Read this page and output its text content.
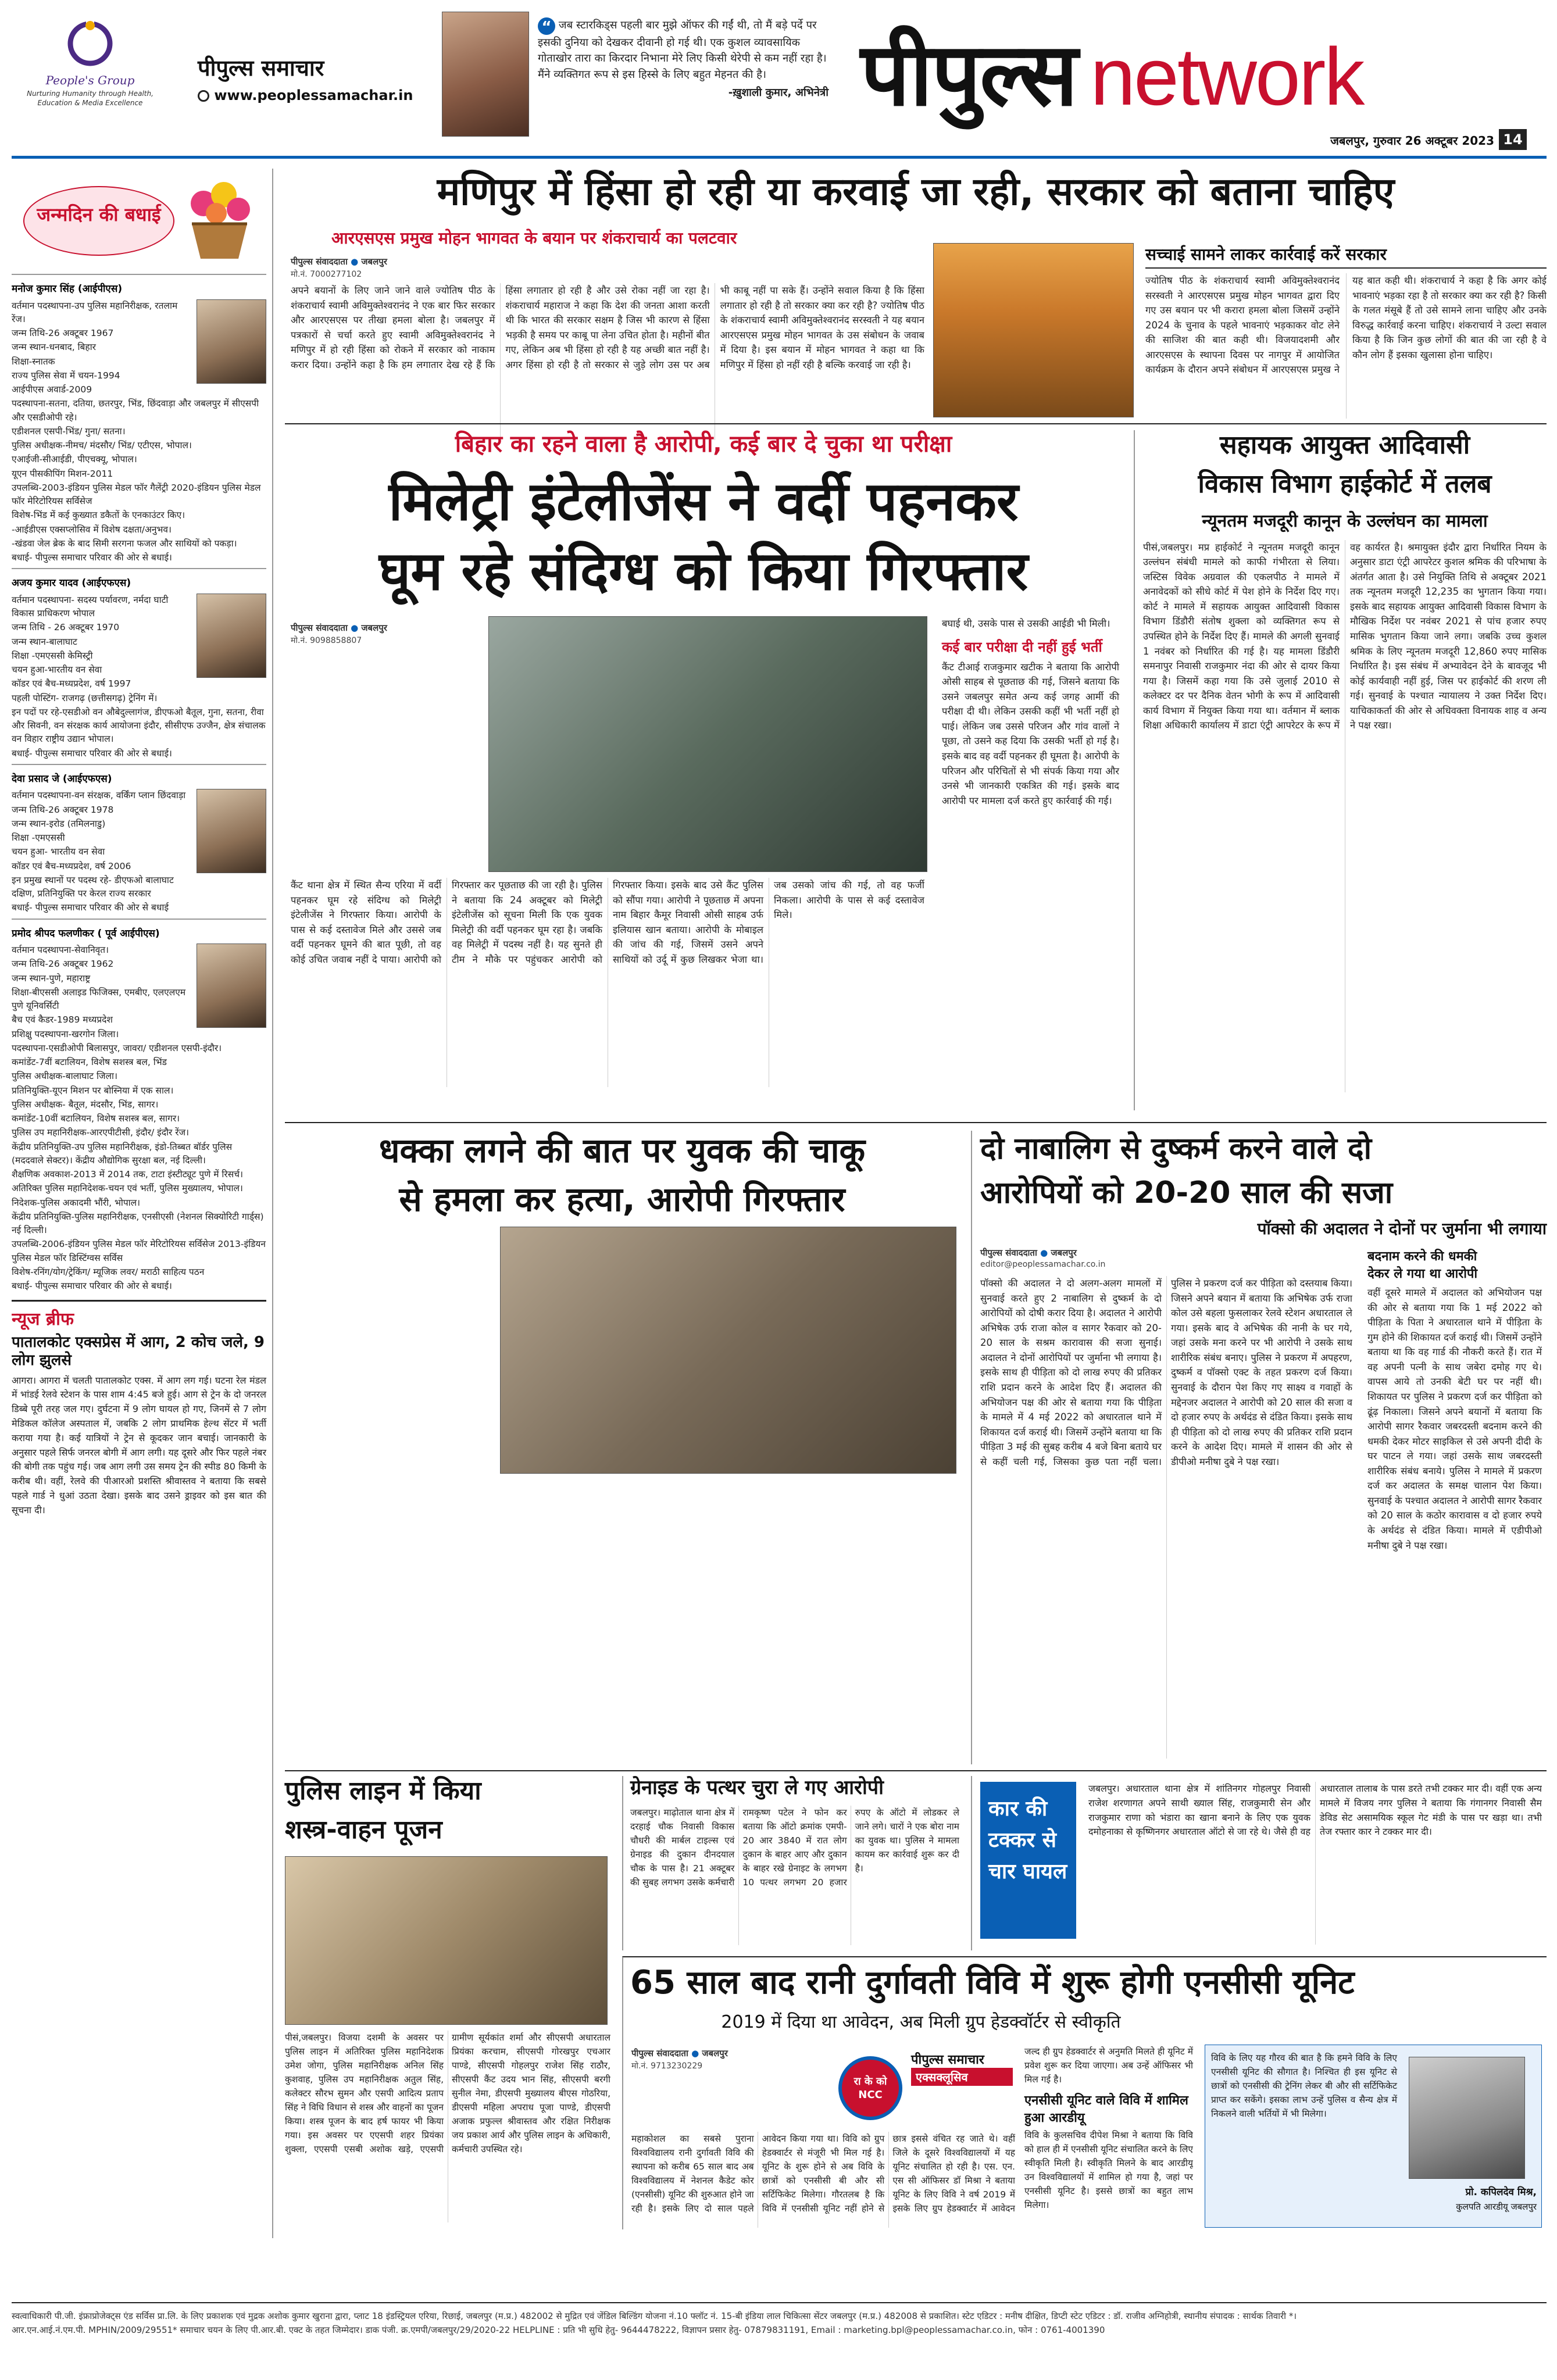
People's Group
Nurturing Humanity through Health, Education & Media Excellence
पीपुल्स समाचार
www.peoplessamachar.in
“ जब स्टारकिड्स पहली बार मुझे ऑफर की गईं थी, तो मैं बड़े पर्दे पर इसकी दुनिया को देखकर दीवानी हो गई थी। एक कुशल व्यावसायिक गोताखोर तारा का किरदार निभाना मेरे लिए किसी थेरेपी से कम नहीं रहा है। मैंने व्यक्तिगत रूप से इस हिस्से के लिए बहुत मेहनत की है।
-ख़ुशाली कुमार, अभिनेत्री पीपुल्स network
जबलपुर, गुरुवार 26 अक्टूबर 2023 14
जन्मदिन की बधाई
मनोज कुमार सिंह (आईपीएस)
वर्तमान पदस्थापना-उप पुलिस महानिरीक्षक, रतलाम रेंज।
जन्म तिथि-26 अक्टूबर 1967
जन्म स्थान-धनबाद, बिहार
शिक्षा-स्नातक
राज्य पुलिस सेवा में चयन-1994
आईपीएस अवार्ड-2009
पदस्थापना-सतना, दतिया, छतरपुर, भिंड, छिंदवाड़ा और जबलपुर में सीएसपी और एसडीओपी रहे।
एडीशनल एसपी-भिंड/ गुना/ सतना।
पुलिस अधीक्षक-नीमच/ मंदसौर/ भिंड/ एटीएस, भोपाल।
एआईजी-सीआईडी, पीएचक्यू, भोपाल।
यूएन पीसकीपिंग मिशन-2011
उपलब्धि-2003-इंडियन पुलिस मेडल फॉर गैलेंट्री 2020-इंडियन पुलिस मेडल फॉर मेरिटोरियस सर्विसेज
विशेष-भिंड में कई कुख्यात डकैतों के एनकाउंटर किए।
-आईडीएस एक्सप्लोसिव में विशेष दक्षता/अनुभव।
-खंडवा जेल ब्रेक के बाद सिमी सरगना फजल और साथियों को पकड़ा।
बधाई- पीपुल्स समाचार परिवार की ओर से बधाई।
अजय कुमार यादव (आईएफएस)
वर्तमान पदस्थापना- सदस्य पर्यावरण, नर्मदा घाटी विकास प्राधिकरण भोपाल
जन्म तिथि - 26 अक्टूबर 1970
जन्म स्थान-बालाघाट
शिक्षा -एमएससी केमिस्ट्री
चयन हुआ-भारतीय वन सेवा
कॉडर एवं बैच-मध्यप्रदेश, वर्ष 1997
पहली पोस्टिंग- राजगढ़ (छत्तीसगढ़) ट्रेनिंग में।
इन पदों पर रहे-एसडीओ वन औबेदुल्लागंज, डीएफओ बैतूल, गुना, सतना, रीवा और सिवनी, वन संरक्षक कार्य आयोजना इंदौर, सीसीएफ उज्जैन, क्षेत्र संचालक वन विहार राष्ट्रीय उद्यान भोपाल।
बधाई- पीपुल्स समाचार परिवार की ओर से बधाई।
देवा प्रसाद जे (आईएफएस)
वर्तमान पदस्थापना-वन संरक्षक, वर्किंग प्लान छिंदवाड़ा
जन्म तिथि-26 अक्टूबर 1978
जन्म स्थान-इरोड (तमिलनाडु)
शिक्षा -एमएससी
चयन हुआ- भारतीय वन सेवा
कॉडर एवं बैच-मध्यप्रदेश, वर्ष 2006
इन प्रमुख स्थानों पर पदस्थ रहे- डीएफओ बालाघाट दक्षिण, प्रतिनियुक्ति पर केरल राज्य सरकार
बधाई- पीपुल्स समाचार परिवार की ओर से बधाई
प्रमोद श्रीपद फलणीकर ( पूर्व आईपीएस)
वर्तमान पदस्थापना-सेवानिवृत।
जन्म तिथि-26 अक्टूबर 1962
जन्म स्थान-पुणे, महाराष्ट्र
शिक्षा-बीएससी अलाइड फिजिक्स, एमबीए, एलएलएम पुणे यूनिवर्सिटी
बैच एवं कैडर-1989 मध्यप्रदेश
प्रशिक्षु पदस्थापना-खरगोन जिला।
पदस्थापना-एसडीओपी बिलासपुर, जावरा/ एडीशनल एसपी-इंदौर।
कमांडेंट-7वीं बटालियन, विशेष सशस्त्र बल, भिंड
पुलिस अधीक्षक-बालाघाट जिला।
प्रतिनियुक्ति-यूएन मिशन पर बोस्निया में एक साल।
पुलिस अधीक्षक- बैतूल, मंदसौर, भिंड, सागर।
कमांडेंट-10वीं बटालियन, विशेष सशस्त्र बल, सागर।
पुलिस उप महानिरीक्षक-आरएपीटीसी, इंदौर/ इंदौर रेंज।
केंद्रीय प्रतिनियुक्ति-उप पुलिस महानिरीक्षक, इंडो-तिब्बत बॉर्डर पुलिस (मददवाले सेक्टर)। केंद्रीय औद्योगिक सुरक्षा बल, नई दिल्ली।
शैक्षणिक अवकाश-2013 में 2014 तक, टाटा इंस्टीट्यूट पुणे में रिसर्च।
अतिरिक्त पुलिस महानिदेशक-चयन एवं भर्ती, पुलिस मुख्यालय, भोपाल।
निदेशक-पुलिस अकादमी भौंरी, भोपाल।
केंद्रीय प्रतिनियुक्ति-पुलिस महानिरीक्षक, एनसीएसी (नेशनल सिक्योरिटी गार्ड्स) नई दिल्ली।
उपलब्धि-2006-इंडियन पुलिस मेडल फॉर मेरिटोरियस सर्विसेज 2013-इंडियन पुलिस मेडल फॉर डिस्टिंग्वस सर्विस
विशेष-रनिंग/योग/ट्रेकिंग/ म्यूजिक लवर/ मराठी साहित्य पठन
बधाई- पीपुल्स समाचार परिवार की ओर से बधाई।
न्यूज ब्रीफ
पातालकोट एक्सप्रेस में आग, 2 कोच जले, 9 लोग झुलसे
आगरा। आगरा में चलती पातालकोट एक्स. में आग लग गई। घटना रेल मंडल में भांडई रेलवे स्टेशन के पास शाम 4:45 बजे हुई। आग से ट्रेन के दो जनरल डिब्बे पूरी तरह जल गए। दुर्घटना में 9 लोग घायल हो गए, जिनमें से 7 लोग मेडिकल कॉलेज अस्पताल में, जबकि 2 लोग प्राथमिक हेल्थ सेंटर में भर्ती कराया गया है। कई यात्रियों ने ट्रेन से कूदकर जान बचाई। जानकारी के अनुसार पहले सिर्फ जनरल बोगी में आग लगी। यह दूसरे और फिर पहले नंबर की बोगी तक पहुंच गई। जब आग लगी उस समय ट्रेन की स्पीड 80 किमी के करीब थी। वहीं, रेलवे की पीआरओ प्रशस्ति श्रीवास्तव ने बताया कि सबसे पहले गार्ड ने धुआं उठता देखा। इसके बाद उसने ड्राइवर को इस बात की सूचना दी।
मणिपुर में हिंसा हो रही या करवाई जा रही, सरकार को बताना चाहिए
आरएसएस प्रमुख मोहन भागवत के बयान पर शंकराचार्य का पलटवार
पीपुल्स संवाददाता ● जबलपुर
मो.नं. 7000277102
अपने बयानों के लिए जाने जाने वाले ज्योतिष पीठ के शंकराचार्य स्वामी अविमुक्तेश्वरानंद ने एक बार फिर सरकार और आरएसएस पर तीखा हमला बोला है। जबलपुर में पत्रकारों से चर्चा करते हुए स्वामी अविमुक्तेश्वरानंद ने मणिपुर में हो रही हिंसा को रोकने में सरकार को नाकाम करार दिया। उन्होंने कहा है कि हम लगातार देख रहे हैं कि हिंसा लगातार हो रही है और उसे रोका नहीं जा रहा है। शंकराचार्य महाराज ने कहा कि देश की जनता आशा करती थी कि भारत की सरकार सक्षम है जिस भी कारण से हिंसा भड़की है समय पर काबू पा लेना उचित होता है। महीनों बीत गए, लेकिन अब भी हिंसा हो रही है यह अच्छी बात नहीं है। अगर हिंसा हो रही है तो सरकार से जुड़े लोग उस पर अब भी काबू नहीं पा सके हैं। उन्होंने सवाल किया है कि हिंसा लगातार हो रही है तो सरकार क्या कर रही है? ज्योतिष पीठ के शंकराचार्य स्वामी अविमुक्तेश्वरानंद सरस्वती ने यह बयान आरएसएस प्रमुख मोहन भागवत के उस संबोधन के जवाब में दिया है। इस बयान में मोहन भागवत ने कहा था कि मणिपुर में हिंसा हो नहीं रही है बल्कि करवाई जा रही है।
सच्चाई सामने लाकर कार्रवाई करें सरकार
ज्योतिष पीठ के शंकराचार्य स्वामी अविमुक्तेश्वरानंद सरस्वती ने आरएसएस प्रमुख मोहन भागवत द्वारा दिए गए उस बयान पर भी करारा हमला बोला जिसमें उन्होंने 2024 के चुनाव के पहले भावनाएं भड़काकर वोट लेने की साजिश की बात कही थी। विजयादशमी और आरएसएस के स्थापना दिवस पर नागपुर में आयोजित कार्यक्रम के दौरान अपने संबोधन में आरएसएस प्रमुख ने यह बात कही थी। शंकराचार्य ने कहा है कि अगर कोई भावनाएं भड़का रहा है तो सरकार क्या कर रही है? किसी के गलत मंसूबे हैं तो उसे सामने लाना चाहिए और उनके विरुद्ध कार्रवाई करना चाहिए। शंकराचार्य ने उल्टा सवाल किया है कि जिन कुछ लोगों की बात की जा रही है वे कौन लोग हैं इसका खुलासा होना चाहिए।
बिहार का रहने वाला है आरोपी, कई बार दे चुका था परीक्षा
मिलेट्री इंटेलीजेंस ने वर्दी पहनकर
घूम रहे संदिग्ध को किया गिरफ्तार
पीपुल्स संवाददाता ● जबलपुर
मो.नं. 9098858807
कैंट थाना क्षेत्र में स्थित सैन्य एरिया में वर्दी पहनकर घूम रहे संदिग्ध को मिलेट्री इंटेलीजेंस ने गिरफ्तार किया। आरोपी के पास से कई दस्तावेज मिले और उससे जब वर्दी पहनकर घूमने की बात पूछी, तो वह कोई उचित जवाब नहीं दे पाया। आरोपी को गिरफ्तार कर पूछताछ की जा रही है। पुलिस ने बताया कि 24 अक्टूबर को मिलेट्री इंटेलीजेंस को सूचना मिली कि एक युवक मिलेट्री की वर्दी पहनकर घूम रहा है। जबकि वह मिलेट्री में पदस्थ नहीं है। यह सुनते ही टीम ने मौके पर पहुंचकर आरोपी को गिरफ्तार किया। इसके बाद उसे कैंट पुलिस को सौंपा गया। आरोपी ने पूछताछ में अपना नाम बिहार कैमूर निवासी ओसी साहब उर्फ इलियास खान बताया। आरोपी के मोबाइल की जांच की गई, जिसमें उसने अपने साथियों को उर्दू में कुछ लिखकर भेजा था। जब उसको जांच की गई, तो वह फर्जी निकला। आरोपी के पास से कई दस्तावेज मिले।
बघाई थी, उसके पास से उसकी आईडी भी मिली।
कई बार परीक्षा दी नहीं हुई भर्ती
कैंट टीआई राजकुमार खटीक ने बताया कि आरोपी ओसी साहब से पूछताछ की गई, जिसने बताया कि उसने जबलपुर समेत अन्य कई जगह आर्मी की परीक्षा दी थी। लेकिन उसकी कहीं भी भर्ती नहीं हो पाई। लेकिन जब उससे परिजन और गांव वालों ने पूछा, तो उसने कह दिया कि उसकी भर्ती हो गई है। इसके बाद वह वर्दी पहनकर ही घूमता है। आरोपी के परिजन और परिचितों से भी संपर्क किया गया और उनसे भी जानकारी एकत्रित की गई। इसके बाद आरोपी पर मामला दर्ज करते हुए कार्रवाई की गई।
सहायक आयुक्त आदिवासी
विकास विभाग हाईकोर्ट में तलब
न्यूनतम मजदूरी कानून के उल्लंघन का मामला
पीसं,जबलपुर। मप्र हाईकोर्ट ने न्यूनतम मजदूरी कानून उल्लंघन संबंधी मामले को काफी गंभीरता से लिया। जस्टिस विवेक अग्रवाल की एकलपीठ ने मामले में अनावेदकों को सीधे कोर्ट में पेश होने के निर्देश दिए गए। कोर्ट ने मामले में सहायक आयुक्त आदिवासी विकास विभाग डिंडौरी संतोष शुक्ला को व्यक्तिगत रूप से उपस्थित होने के निर्देश दिए हैं। मामले की अगली सुनवाई 1 नवंबर को निर्धारित की गई है। यह मामला डिंडौरी समनापुर निवासी राजकुमार नंदा की ओर से दायर किया गया है। जिसमें कहा गया कि उसे जुलाई 2010 से कलेक्टर दर पर दैनिक वेतन भोगी के रूप में आदिवासी कार्य विभाग में नियुक्त किया गया था। वर्तमान में ब्लाक शिक्षा अधिकारी कार्यालय में डाटा एंट्री आपरेटर के रूप में वह कार्यरत है। श्रमायुक्त इंदौर द्वारा निर्धारित नियम के अनुसार डाटा एंट्री आपरेटर कुशल श्रमिक की परिभाषा के अंतर्गत आता है। उसे नियुक्ति तिथि से अक्टूबर 2021 तक न्यूनतम मजदूरी 12,235 का भुगतान किया गया। इसके बाद सहायक आयुक्त आदिवासी विकास विभाग के मौखिक निर्देश पर नवंबर 2021 से पांच हजार रुपए मासिक भुगतान किया जाने लगा। जबकि उच्च कुशल श्रमिक के लिए न्यूनतम मजदूरी 12,860 रुपए मासिक निर्धारित है। इस संबंध में अभ्यावेदन देने के बावजूद भी कोई कार्यवाही नहीं हुई, जिस पर हाईकोर्ट की शरण ली गई। सुनवाई के पश्चात न्यायालय ने उक्त निर्देश दिए। याचिकाकर्ता की ओर से अधिवक्ता विनायक शाह व अन्य ने पक्ष रखा।
धक्का लगने की बात पर युवक की चाकू
से हमला कर हत्या, आरोपी गिरफ्तार
दो नाबालिग से दुष्कर्म करने वाले दो
आरोपियों को 20-20 साल की सजा
पॉक्सो की अदालत ने दोनों पर जुर्माना भी लगाया
पीपुल्स संवाददाता ● जबलपुर
editor@peoplessamachar.co.in
पॉक्सो की अदालत ने दो अलग-अलग मामलों में सुनवाई करते हुए 2 नाबालिग से दुष्कर्म के दो आरोपियों को दोषी करार दिया है। अदालत ने आरोपी अभिषेक उर्फ राजा कोल व सागर रैकवार को 20-20 साल के सश्रम कारावास की सजा सुनाई। अदालत ने दोनों आरोपियों पर जुर्माना भी लगाया है। इसके साथ ही पीड़िता को दो लाख रुपए की प्रतिकर राशि प्रदान करने के आदेश दिए हैं। अदालत की अभियोजन पक्ष की ओर से बताया गया कि पीड़िता के मामले में 4 मई 2022 को अधारताल थाने में शिकायत दर्ज कराई थी। जिसमें उन्होंने बताया था कि पीड़िता 3 मई की सुबह करीब 4 बजे बिना बताये घर से कहीं चली गई, जिसका कुछ पता नहीं चला। पुलिस ने प्रकरण दर्ज कर पीड़िता को दस्तयाब किया। जिसने अपने बयान में बताया कि अभिषेक उर्फ राजा कोल उसे बहला फुसलाकर रेलवे स्टेशन अधारताल ले गया। इसके बाद वे अभिषेक की नानी के घर गये, जहां उसके मना करने पर भी आरोपी ने उसके साथ शारीरिक संबंध बनाए। पुलिस ने प्रकरण में अपहरण, दुष्कर्म व पॉक्सो एक्ट के तहत प्रकरण दर्ज किया। सुनवाई के दौरान पेश किए गए साक्ष्य व गवाहों के मद्देनजर अदालत ने आरोपी को 20 साल की सजा व दो हजार रुपए के अर्थदंड से दंडित किया। इसके साथ ही पीड़िता को दो लाख रुपए की प्रतिकर राशि प्रदान करने के आदेश दिए। मामले में शासन की ओर से डीपीओ मनीषा दुबे ने पक्ष रखा।
बदनाम करने की धमकी
देकर ले गया था आरोपी
वहीं दूसरे मामले में अदालत को अभियोजन पक्ष की ओर से बताया गया कि 1 मई 2022 को पीड़िता के पिता ने अधारताल थाने में पीड़िता के गुम होने की शिकायत दर्ज कराई थी। जिसमें उन्होंने बताया था कि वह गार्ड की नौकरी करते हैं। रात में वह अपनी पत्नी के साथ जबेरा दमोह गए थे। वापस आये तो उनकी बेटी घर पर नहीं थी। शिकायत पर पुलिस ने प्रकरण दर्ज कर पीड़िता को ढूंढ़ निकाला। जिसने अपने बयानों में बताया कि आरोपी सागर रैकवार जबरदस्ती बदनाम करने की धमकी देकर मोटर साइकिल से उसे अपनी दीदी के घर पाटन ले गया। जहां उसके साथ जबरदस्ती शारीरिक संबंध बनाये। पुलिस ने मामले में प्रकरण दर्ज कर अदालत के समक्ष चालान पेश किया। सुनवाई के पश्चात अदालत ने आरोपी सागर रैकवार को 20 साल के कठोर कारावास व दो हजार रुपये के अर्थदंड से दंडित किया। मामले में एडीपीओ मनीषा दुबे ने पक्ष रखा।
पुलिस लाइन में किया
शस्त्र-वाहन पूजन
पीसं,जबलपुर। विजया दशमी के अवसर पर पुलिस लाइन में अतिरिक्त पुलिस महानिदेशक उमेश जोगा, पुलिस महानिरीक्षक अनिल सिंह कुशवाह, पुलिस उप महानिरीक्षक अतुल सिंह, कलेक्टर सौरभ सुमन और एसपी आदित्य प्रताप सिंह ने विधि विधान से शस्त्र और वाहनों का पूजन किया। शस्त्र पूजन के बाद हर्ष फायर भी किया गया। इस अवसर पर एएसपी शहर प्रियंका शुक्ला, एएसपी एसबी अशोक खड़े, एएसपी ग्रामीण सूर्यकांत शर्मा और सीएसपी अधारताल प्रियंका करचाम, सीएसपी गोरखपुर एचआर पाण्डे, सीएसपी गोहलपुर राजेश सिंह राठौर, सीएसपी कैंट उदय भान सिंह, सीएसपी बरगी सुनील नेमा, डीएसपी मुख्यालय बीएस गोठरिया, डीएसपी महिला अपराध पूजा पाण्डे, डीएसपी अजाक प्रफुल्ल श्रीवास्तव और रक्षित निरीक्षक जय प्रकाश आर्य और पुलिस लाइन के अधिकारी, कर्मचारी उपस्थित रहे।
ग्रेनाइड के पत्थर चुरा ले गए आरोपी
जबलपुर। माढ़ोताल थाना क्षेत्र में दरहाई चौक निवासी विकास चौधरी की मार्बल टाइल्स एवं ग्रेनाइड की दुकान दीनदयाल चौक के पास है। 21 अक्टूबर की सुबह लगभग उसके कर्मचारी रामकृष्ण पटेल ने फोन कर बताया कि ऑटो क्रमांक एमपी- 20 आर 3840 में रात लोग दुकान के बाहर आए और दुकान के बाहर रखे ग्रेनाइट के लगभग 10 पत्थर लगभग 20 हजार रुपए के ऑटो में लोडकर ले जाने लगे। चारों ने एक बोरा नाम का युवक था। पुलिस ने मामला कायम कर कार्रवाई शुरू कर दी है।
कार की टक्कर से चार घायल
जबलपुर। अधारताल थाना क्षेत्र में शांतिनगर गोहलपुर निवासी राजेश शरणागत अपने साथी ख्याल सिंह, राजकुमारी सेन और राजकुमार राणा को भंडारा का खाना बनाने के लिए एक युवक दमोहनाका से कृष्णिनगर अधारताल ऑटो से जा रहे थे। जैसे ही वह अधारताल तालाब के पास डरते तभी टक्कर मार दी। वहीं एक अन्य मामले में विजय नगर पुलिस ने बताया कि गंगानगर निवासी सैम डेविड सेट असामयिक स्कूल गेट मंडी के पास पर खड़ा था। तभी तेज रफ्तार कार ने टक्कर मार दी।
65 साल बाद रानी दुर्गावती विवि में शुरू होगी एनसीसी यूनिट
2019 में दिया था आवेदन, अब मिली ग्रुप हेडक्वॉर्टर से स्वीकृति
पीपुल्स संवाददाता ● जबलपुर
मो.नं. 9713230229
रा के को NCC
पीपुल्स समाचार
एक्सक्लूसिव
महाकोशल का सबसे पुराना विश्वविद्यालय रानी दुर्गावती विवि की स्थापना को करीब 65 साल बाद अब विश्वविद्यालय में नेशनल कैडेट कोर (एनसीसी) यूनिट की शुरुआत होने जा रही है। इसके लिए दो साल पहले आवेदन किया गया था। विवि को ग्रुप हेडक्वार्टर से मंजूरी भी मिल गई है। यूनिट के शुरू होने से अब विवि के छात्रों को एनसीसी बी और सी सर्टिफिकेट मिलेगा। गौरतलब है कि विवि में एनसीसी यूनिट नहीं होने से छात्र इससे वंचित रह जाते थे। वहीं जिले के दूसरे विश्वविद्यालयों में यह यूनिट संचालित हो रही है। एस. एन. एस सी ऑफिसर डॉ मिश्रा ने बताया यूनिट के लिए विवि ने वर्ष 2019 में इसके लिए ग्रुप हेडक्वार्टर में आवेदन
जल्द ही ग्रुप हेडक्वार्टर से अनुमति मिलते ही यूनिट में प्रवेश शुरू कर दिया जाएगा। अब उन्हें ऑफिसर भी मिल गई है।
एनसीसी यूनिट वाले विवि में शामिल हुआ आरडीयू
विवि के कुलसचिव दीपेश मिश्रा ने बताया कि विवि को हाल ही में एनसीसी यूनिट संचालित करने के लिए स्वीकृति मिली है। स्वीकृति मिलने के बाद आरडीयू उन विश्वविद्यालयों में शामिल हो गया है, जहां पर एनसीसी यूनिट है। इससे छात्रों का बहुत लाभ मिलेगा।
विवि के लिए यह गौरव की बात है कि हमने विवि के लिए एनसीसी यूनिट की सौगात है। निश्चित ही इस यूनिट से छात्रों को एनसीसी की ट्रेनिंग लेकर बी और सी सर्टिफिकेट प्राप्त कर सकेंगे। इसका लाभ उन्हें पुलिस व सैन्य क्षेत्र में निकलने वाली भर्तियों में भी मिलेगा।
प्रो. कपिलदेव मिश्र,
कुलपति आरडीयू जबलपुर
स्वत्वाधिकारी पी.जी. इंफ्राप्रोजेक्ट्स एंड सर्विस प्रा.लि. के लिए प्रकाशक एवं मुद्रक अशोक कुमार खुराना द्वारा, प्लाट 18 इंडस्ट्रियल एरिया, रिछाई, जबलपुर (म.प्र.) 482002 से मुद्रित एवं जेंडिल बिल्डिंग योजना नं.10 फ्लॉट नं. 15-बी इंडिया लाल चिकित्सा सेंटर जबलपुर (म.प्र.) 482008 से प्रकाशित। स्टेट एडिटर : मनीष दीक्षित, डिप्टी स्टेट एडिटर : डॉ. राजीव अग्निहोत्री, स्थानीय संपादक : सार्थक तिवारी *।
आर.एन.आई.नं.एम.पी. MPHIN/2009/29551* समाचार चयन के लिए पी.आर.बी. एक्ट के तहत जिम्मेदार। डाक पंजी. क्र.एमपी/जबलपुर/29/2020-22 HELPLINE : प्रति भी सुधि हेतु- 9644478222, विज्ञापन प्रसार हेतु- 07879831191, Email : marketing.bpl@peoplessamachar.co.in, फोन : 0761-4001390
